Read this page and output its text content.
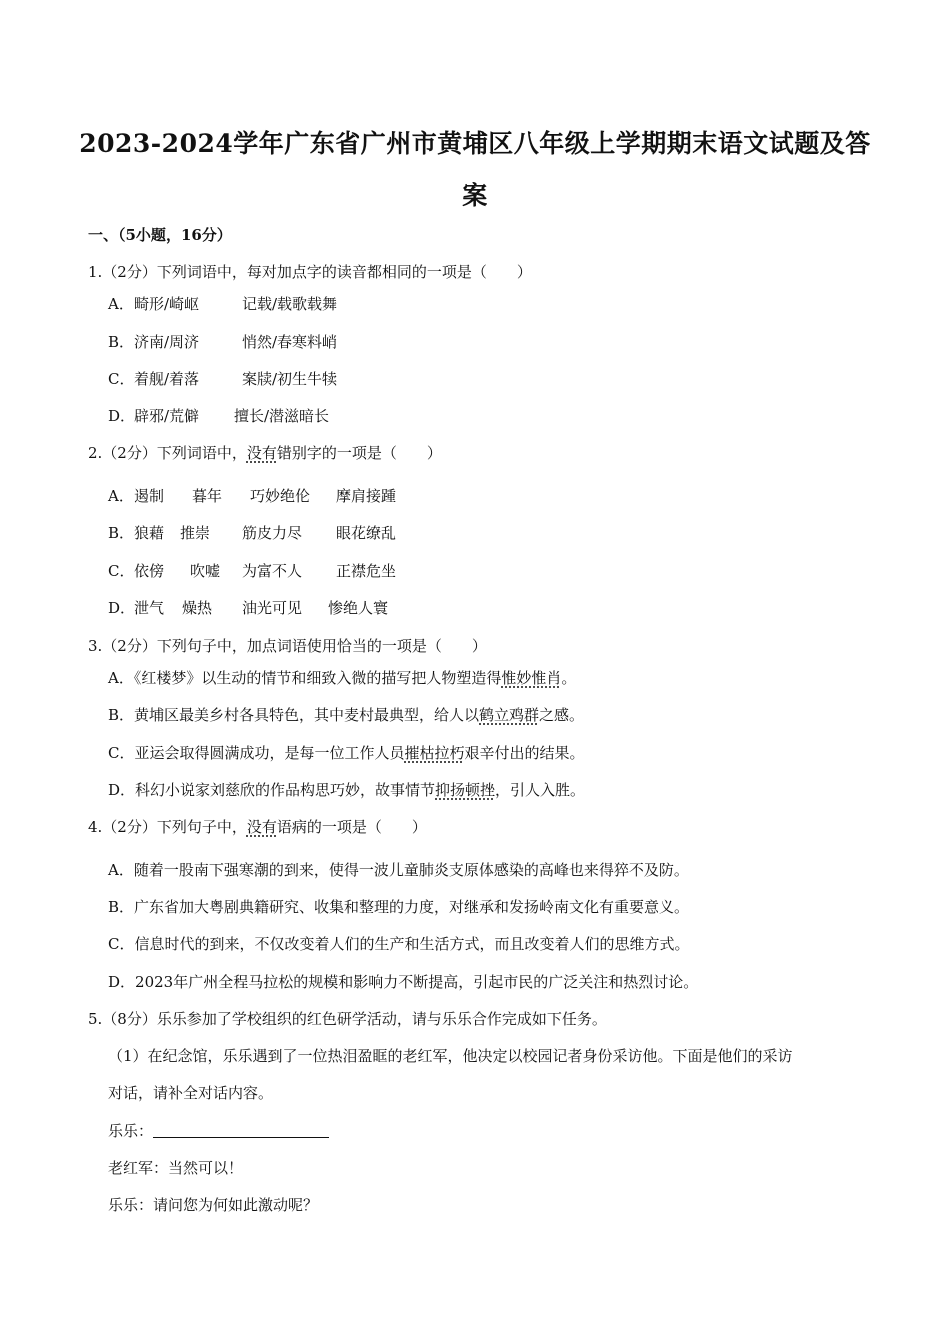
2023-2024学年广东省广州市黄埔区八年级上学期期末语文试题及答
案
一、（5小题，16分）
1.（2分）下列词语中，每对加点字的读音都相同的一项是（　　）
A．畸形/崎岖	记载/载歌载舞
B．济南/周济	悄然/春寒料峭
C．着舰/着落	案牍/初生牛犊
D．辟邪/荒僻 擅长/潜滋暗长
2.（2分）下列词语中，没有错别字的一项是（　　）
A．遏制 暮年 巧妙绝伦 摩肩接踵
B．狼藉 推崇 筋皮力尽 眼花缭乱
C．依傍 吹嘘 为富不人 正襟危坐
D．泄气 燥热 油光可见 惨绝人寰
3.（2分）下列句子中，加点词语使用恰当的一项是（　　）
A．《红楼梦》以生动的情节和细致入微的描写把人物塑造得惟妙惟肖。
B．黄埔区最美乡村各具特色，其中麦村最典型，给人以鹤立鸡群之感。
C．亚运会取得圆满成功，是每一位工作人员摧枯拉朽艰辛付出的结果。
D．科幻小说家刘慈欣的作品构思巧妙，故事情节抑扬顿挫，引人入胜。
4.（2分）下列句子中，没有语病的一项是（　　）
A．随着一股南下强寒潮的到来，使得一波儿童肺炎支原体感染的高峰也来得猝不及防。
B．广东省加大粤剧典籍研究、收集和整理的力度，对继承和发扬岭南文化有重要意义。
C．信息时代的到来，不仅改变着人们的生产和生活方式，而且改变着人们的思维方式。
D．2023年广州全程马拉松的规模和影响力不断提高，引起市民的广泛关注和热烈讨论。
5.（8分）乐乐参加了学校组织的红色研学活动，请与乐乐合作完成如下任务。
（1）在纪念馆，乐乐遇到了一位热泪盈眶的老红军，他决定以校园记者身份采访他。下面是他们的采访
对话，请补全对话内容。
乐乐：
老红军：当然可以！
乐乐：请问您为何如此激动呢？
